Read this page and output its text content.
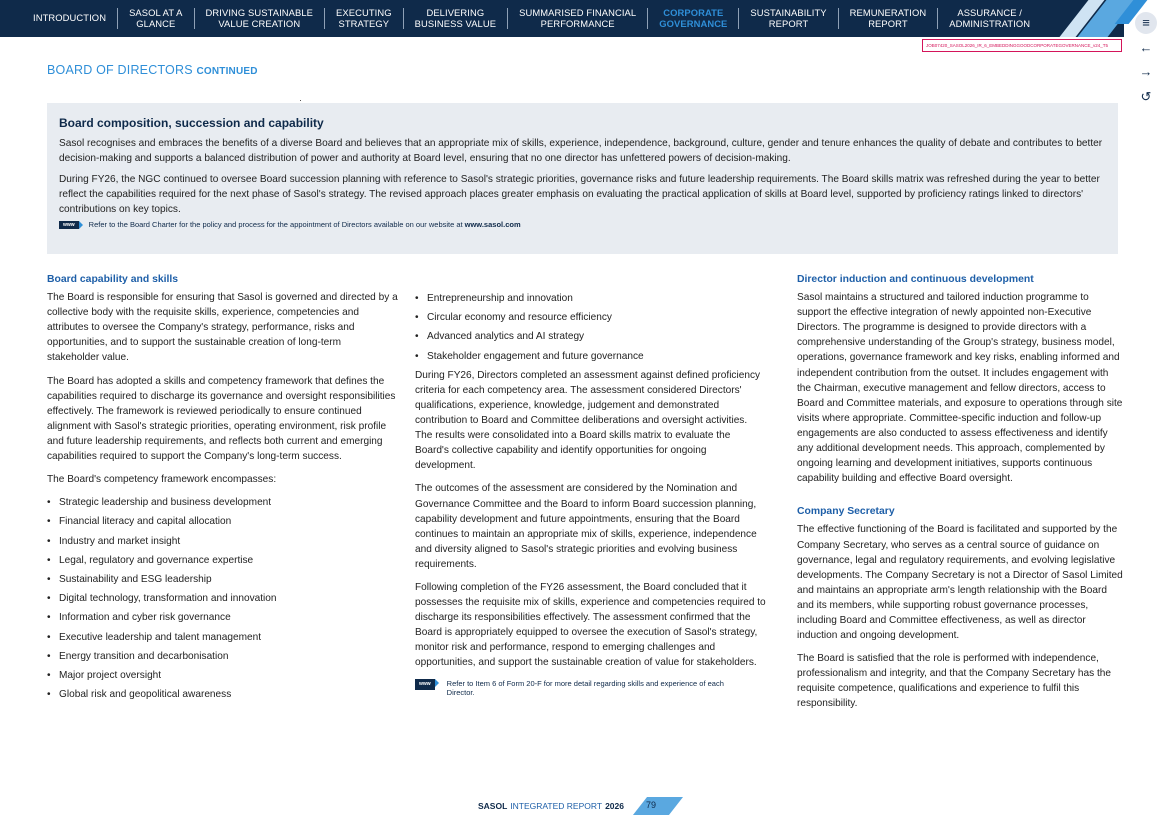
INTRODUCTION SASOL AT A
GLANCE
DRIVING SUSTAINABLE
VALUE CREATION
EXECUTING
STRATEGY
DELIVERING
BUSINESS VALUE
SUMMARISED FINANCIAL
PERFORMANCE
CORPORATE
GOVERNANCE
SUSTAINABILITY
REPORT
REMUNERATION
REPORT
ASSURANCE /
ADMINISTRATION	≡
←
→
↺
JOB07420_SASOL2026_IR_6_EMBEDDINGGOODCORPORATEGOVERNANCE_v24_T5
BOARD OF DIRECTORS CONTINUED
Board composition, succession and capability

Sasol recognises and embraces the benefits of a diverse Board and believes that an appropriate mix of skills, experience, independence, background, culture, gender and tenure enhances the quality of debate and contributes to better decision-making and supports a balanced distribution of power and authority at Board level, ensuring that no one director has unfettered powers of decision-making.

During FY26, the NGC continued to oversee Board succession planning with reference to Sasol's strategic priorities, governance risks and future leadership requirements. The Board skills matrix was refreshed during the year to better reflect the capabilities required for the next phase of Sasol's strategy. The revised approach places greater emphasis on evaluating the practical application of skills at Board level, supported by proficiency ratings linked to directors' contributions on key topics.

www	Refer to the Board Charter for the policy and process for the appointment of Directors available on our website at www.sasol.com
Board capability and skills

The Board is responsible for ensuring that Sasol is governed and directed by a collective body with the requisite skills, experience, competencies and attributes to oversee the Company's strategy, performance, risks and opportunities, and to support the sustainable creation of long-term
stakeholder value.

The Board has adopted a skills and competency framework that defines the capabilities required to discharge its governance and oversight responsibilities effectively. The framework is reviewed periodically to ensure continued alignment with Sasol's strategic priorities, operating environment, risk profile and future leadership requirements, and reflects both current and emerging capabilities required to support the Company's long-term success.

The Board's competency framework encompasses:

• Strategic leadership and business development
• Financial literacy and capital allocation
• Industry and market insight
• Legal, regulatory and governance expertise
• Sustainability and ESG leadership
• Digital technology, transformation and innovation
• Information and cyber risk governance
• Executive leadership and talent management
• Energy transition and decarbonisation
• Major project oversight
• Global risk and geopolitical awareness
• Entrepreneurship and innovation
• Circular economy and resource efficiency
• Advanced analytics and AI strategy
• Stakeholder engagement and future governance

During FY26, Directors completed an assessment against defined proficiency criteria for each competency area. The assessment considered Directors' qualifications, experience, knowledge, judgement and demonstrated contribution to Board and Committee deliberations and oversight activities. The results were consolidated into a Board skills matrix to evaluate the Board's collective capability and identify opportunities for ongoing development.

The outcomes of the assessment are considered by the Nomination and Governance Committee and the Board to inform Board succession planning, capability development and future appointments, ensuring that the Board continues to maintain an appropriate mix of skills, experience, independence and diversity aligned to Sasol's strategic priorities and evolving business requirements.

Following completion of the FY26 assessment, the Board concluded that it possesses the requisite mix of skills, experience and competencies required to discharge its responsibilities effectively. The assessment confirmed that the Board is appropriately equipped to oversee the execution of Sasol's strategy, monitor risk and performance, respond to emerging challenges and opportunities, and support the sustainable creation of value for stakeholders.

www	Refer to Item 6 of Form 20-F for more detail regarding skills and experience of each Director.
Director induction and continuous development

Sasol maintains a structured and tailored induction programme to support the effective integration of newly appointed non-Executive Directors. The programme is designed to provide directors with a comprehensive understanding of the Group's strategy, business model, operations, governance framework and key risks, enabling informed and independent contribution from the outset. It includes engagement with the Chairman, executive management and fellow directors, access to Board and Committee materials, and exposure to operations through site visits where appropriate. Committee-specific induction and follow-up engagements are also conducted to assess effectiveness and identify any additional development needs. This approach, complemented by ongoing learning and development initiatives, supports continuous capability building and effective Board oversight.

Company Secretary

The effective functioning of the Board is facilitated and supported by the Company Secretary, who serves as a central source of guidance on governance, legal and regulatory requirements, and evolving legislative developments. The Company Secretary is not a Director of Sasol Limited and maintains an appropriate arm's length relationship with the Board and its members, while supporting robust governance processes, including Board and Committee effectiveness, as well as director induction and ongoing development.

The Board is satisfied that the role is performed with independence, professionalism and integrity, and that the Company Secretary has the requisite competence, qualifications and experience to fulfil this responsibility.

SASOL INTEGRATED REPORT 2026 79
